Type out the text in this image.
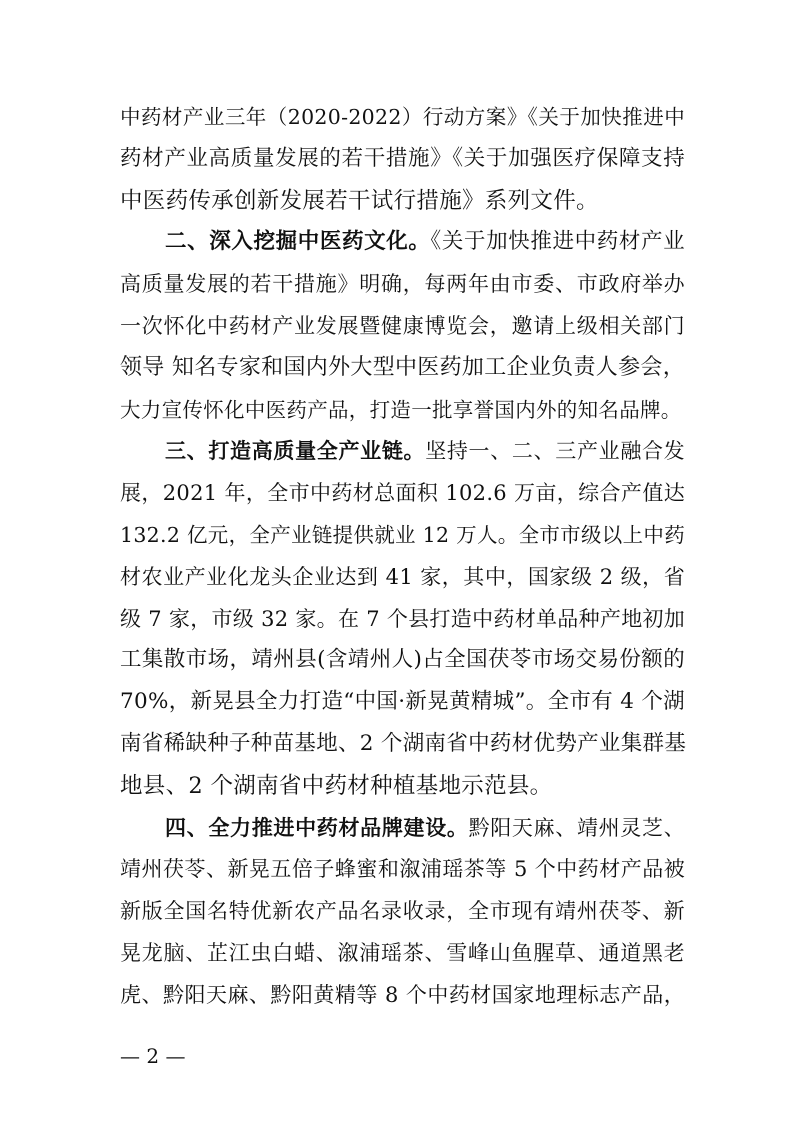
中药材产业三年（2020-2022）行动方案》《关于加快推进中
药材产业高质量发展的若干措施》《关于加强医疗保障支持
中医药传承创新发展若干试行措施》系列文件。
二、深入挖掘中医药文化。《关于加快推进中药材产业
高质量发展的若干措施》明确，每两年由市委、市政府举办
一次怀化中药材产业发展暨健康博览会，邀请上级相关部门
领导 知名专家和国内外大型中医药加工企业负责人参会，
大力宣传怀化中医药产品，打造一批享誉国内外的知名品牌。
三、打造高质量全产业链。坚持一、二、三产业融合发
展，2021 年，全市中药材总面积 102.6 万亩，综合产值达
132.2 亿元，全产业链提供就业 12 万人。全市市级以上中药
材农业产业化龙头企业达到 41 家，其中，国家级 2 级，省
级 7 家，市级 32 家。在 7 个县打造中药材单品种产地初加
工集散市场，靖州县(含靖州人)占全国茯苓市场交易份额的
70%，新晃县全力打造“中国·新晃黄精城”。全市有 4 个湖
南省稀缺种子种苗基地、2 个湖南省中药材优势产业集群基
地县、2 个湖南省中药材种植基地示范县。
四、全力推进中药材品牌建设。黔阳天麻、靖州灵芝、
靖州茯苓、新晃五倍子蜂蜜和溆浦瑶茶等 5 个中药材产品被
新版全国名特优新农产品名录收录，全市现有靖州茯苓、新
晃龙脑、芷江虫白蜡、溆浦瑶茶、雪峰山鱼腥草、通道黑老
虎、黔阳天麻、黔阳黄精等 8 个中药材国家地理标志产品，
— 2 —
